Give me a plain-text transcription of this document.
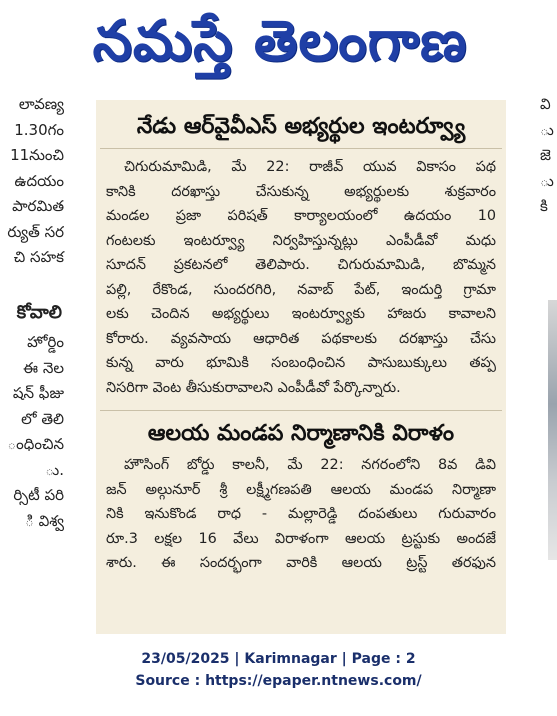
నమస్తే తెలంగాణ
లావణ్య
1.30గం
11నుంచి
ఉదయం
పారమిత
ర్యుత్ సర
చి సహక

కోవాలి
హోర్డిం
ఈ నెల
షన్ ఫీజు
లో తెలి
ంధించిన
ు.
ర్సిటీ పరి
ి విశ్వ
వి
ు
జె
ు
కి
నేడు ఆర్‌వైవీఎస్ అభ్యర్థుల ఇంటర్వ్యూ
చిగురుమామిడి, మే 22: రాజీవ్ యువ వికాసం పథ
కానికి దరఖాస్తు చేసుకున్న అభ్యర్థులకు శుక్రవారం
మండల ప్రజా పరిషత్ కార్యాలయంలో ఉదయం 10
గంటలకు ఇంటర్వ్యూ నిర్వహిస్తున్నట్లు ఎంపీడీవో మధు
సూదన్ ప్రకటనలో తెలిపారు. చిగురుమామిడి, బొమ్మన
పల్లి, రేకొండ, సుందరగిరి, నవాబ్ పేట్, ఇందుర్తి గ్రామా
లకు చెందిన అభ్యర్థులు ఇంటర్వ్యూకు హాజరు కావాలని
కోరారు. వ్యవసాయ ఆధారిత పథకాలకు దరఖాస్తు చేసు
కున్న వారు భూమికి సంబంధించిన పాసుబుక్కులు తప్ప
నిసరిగా వెంట తీసుకురావాలని ఎంపీడీవో పేర్కొన్నారు.
ఆలయ మండప నిర్మాణానికి విరాళం
హౌసింగ్ బోర్డు కాలనీ, మే 22: నగరంలోని 8వ డివి
జన్ అల్గునూర్ శ్రీ లక్ష్మీగణపతి ఆలయ మండప నిర్మాణా
నికి ఇనుకొండ రాధ - మల్లారెడ్డి దంపతులు గురువారం
రూ.3 లక్షల 16 వేలు విరాళంగా ఆలయ ట్రస్టుకు అందజే
శారు. ఈ సందర్భంగా వారికి ఆలయ ట్రస్ట్ తరఫున
23/05/2025 | Karimnagar | Page : 2
Source : https://epaper.ntnews.com/
